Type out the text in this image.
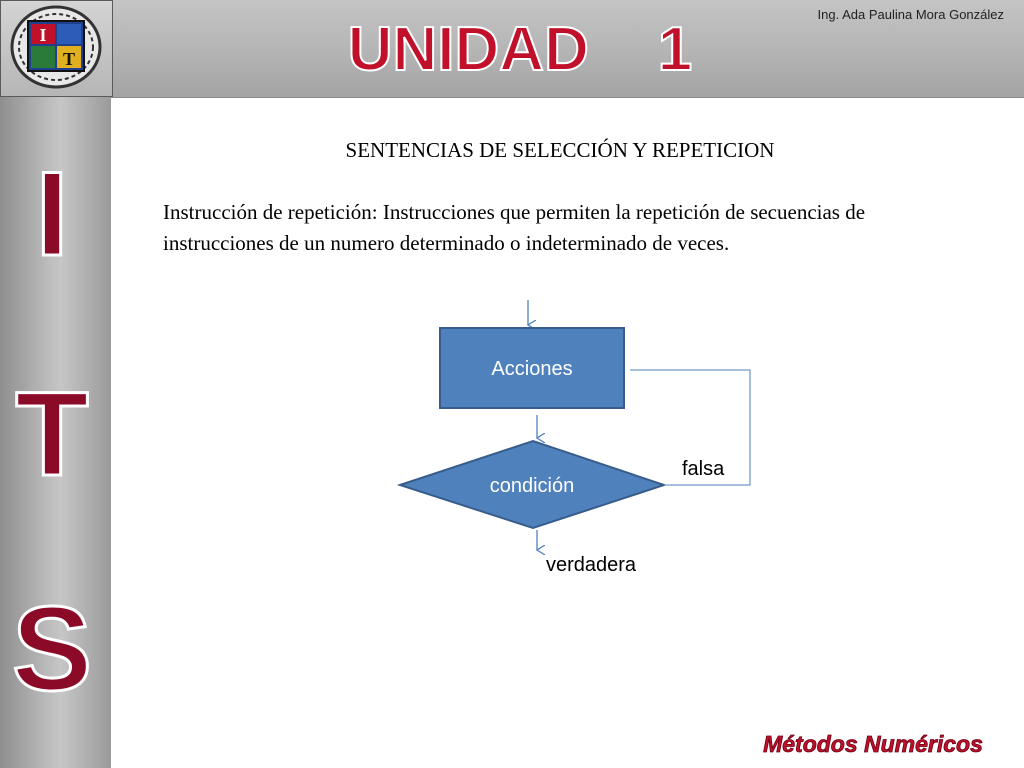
I
T	UNIDAD    1
Ing. Ada Paulina Mora González
I
T
S
SENTENCIAS DE SELECCIÓN Y REPETICION
Instrucción de repetición: Instrucciones que permiten la repetición de secuencias de instrucciones de un numero determinado o indeterminado de veces.
Acciones
condición
falsa
verdadera
Métodos Numéricos
